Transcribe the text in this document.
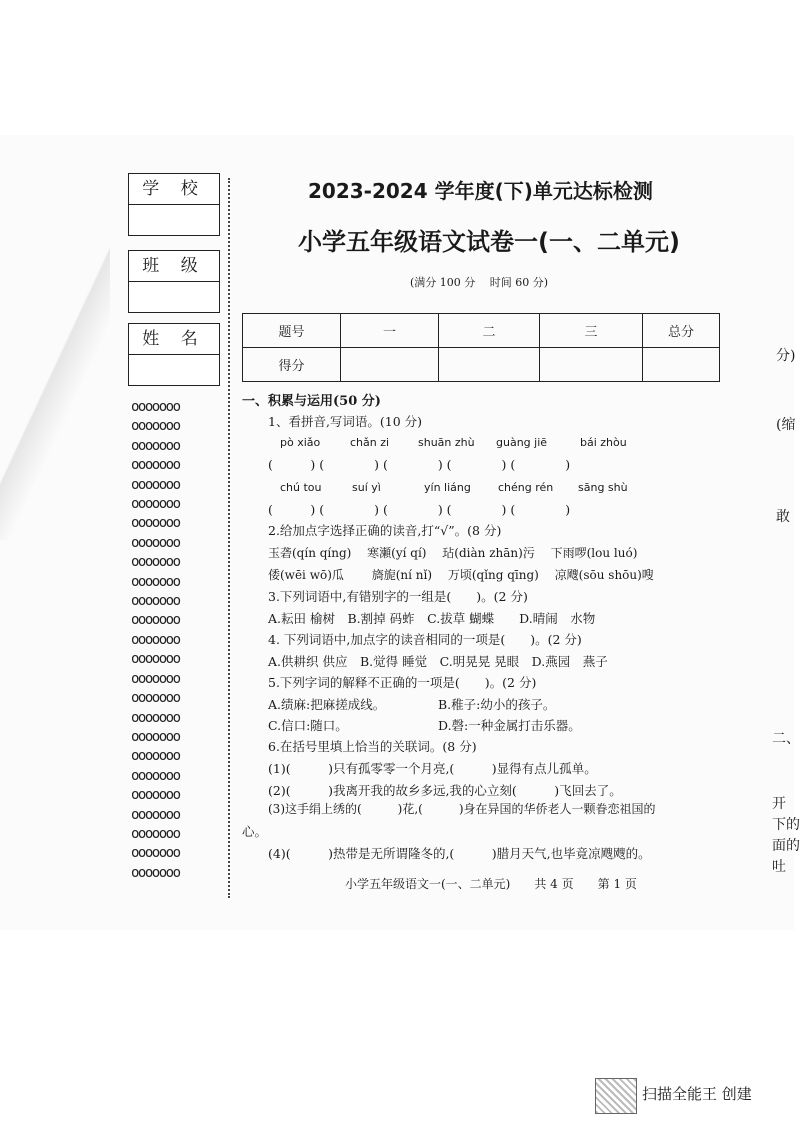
学 校
班 级
姓 名
ooooooo
ooooooo
ooooooo
ooooooo
ooooooo
ooooooo
ooooooo
ooooooo
ooooooo
ooooooo
ooooooo
ooooooo
ooooooo
ooooooo
ooooooo
ooooooo
ooooooo
ooooooo
ooooooo
ooooooo
ooooooo
ooooooo
ooooooo
ooooooo
ooooooo
2023-2024 学年度(下)单元达标检测
小学五年级语文试卷一(一、二单元)
(满分 100 分　 时间 60 分)
题号	一	二	三	总分
得分				
一、积累与运用(50 分)
1、看拼音,写词语。(10 分)
pò xiǎo	chǎn zi	shuān zhù guàng jiē	bái zhòu
(　　　) (　　　　) (　　　　) (　　　　) (　　　　)
chú tou	suí yì	yín liáng chéng rén sāng shù
(　　　) (　　　　) (　　　　) (　　　　) (　　　　)
2.给加点字选择正确的读音,打“√”。(8 分)
玉砻(qín qíng)　 寒瀬(yí qí)　 玷(diàn zhān)污　 下雨啰(lou luó)
倭(wēi wō)瓜　　 旖旎(ní nǐ)　 万顷(qǐng qīng)　 凉飕(sōu shōu)嗖
3.下列词语中,有错别字的一组是(　　)。(2 分)
A.耘田 榆树　B.割掉 码蚱　C.拔草 蝴蝶　　D.晴闹　水物
4. 下列词语中,加点字的读音相同的一项是(　　)。(2 分)
A.供耕织 供应　B.觉得 睡觉　C.明晃晃 晃眼　D.燕园　燕子
5.下列字词的解释不正确的一项是(　　)。(2 分)
A.绩麻:把麻搓成线。	B.稚子:幼小的孩子。
C.信口:随口。	D.磬:一种金属打击乐器。
6.在括号里填上恰当的关联词。(8 分)
(1)(　　　)只有孤零零一个月亮,(　　　)显得有点儿孤单。
(2)(　　　)我离开我的故乡多远,我的心立刻(　　　)飞回去了。
(3)这手绢上绣的(　　　)花,(　　　)身在异国的华侨老人一颗眷恋祖国的
心。
(4)(　　　)热带是无所谓隆冬的,(　　　)腊月天气,也毕竟凉飕飕的。
小学五年级语文一(一、二单元)　　共 4 页　　第 1 页
分)
(缩
敢
二、
开
下的
面的
吐
扫描全能王 创建
